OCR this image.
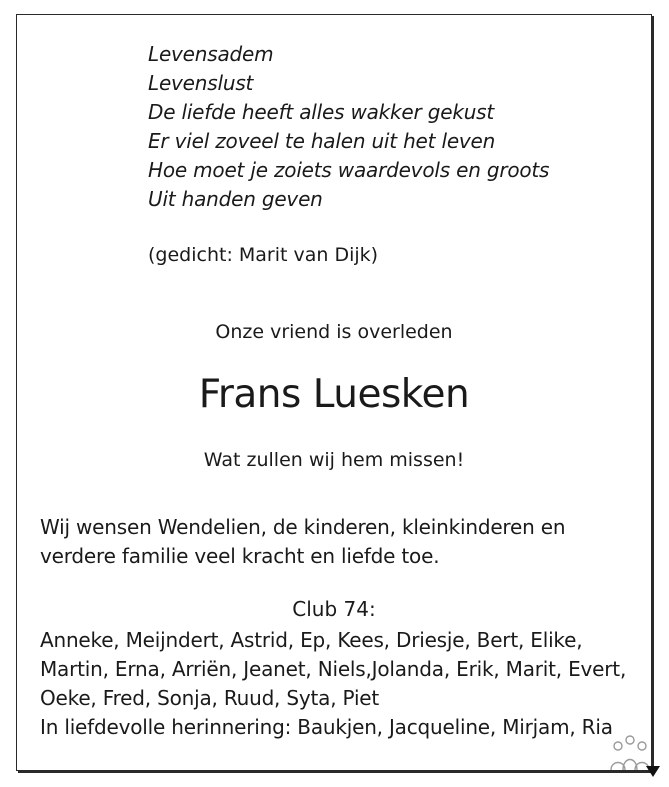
Levensadem
Levenslust
De liefde heeft alles wakker gekust
Er viel zoveel te halen uit het leven
Hoe moet je zoiets waardevols en groots
Uit handen geven
(gedicht: Marit van Dijk)
Onze vriend is overleden
Frans Luesken
Wat zullen wij hem missen!
Wij wensen Wendelien, de kinderen, kleinkinderen en
verdere familie veel kracht en liefde toe.
Club 74:
Anneke, Meijndert, Astrid, Ep, Kees, Driesje, Bert, Elike,
Martin, Erna, Arriën, Jeanet, Niels,Jolanda, Erik, Marit, Evert,
Oeke, Fred, Sonja, Ruud, Syta, Piet
In liefdevolle herinnering: Baukjen, Jacqueline, Mirjam, Ria
